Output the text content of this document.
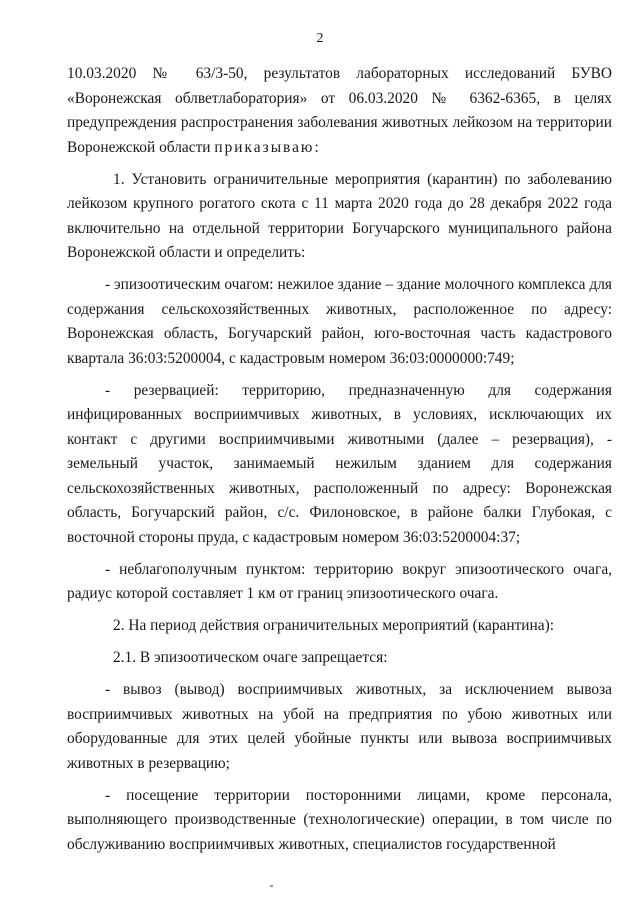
2

10.03.2020 № 63/3-50, результатов лабораторных исследований БУВО «Воронежская облветлаборатория» от 06.03.2020 № 6362-6365, в целях предупреждения распространения заболевания животных лейкозом на территории Воронежской области приказываю:

1. Установить ограничительные мероприятия (карантин) по заболеванию лейкозом крупного рогатого скота с 11 марта 2020 года до 28 декабря 2022 года включительно на отдельной территории Богучарского муниципального района Воронежской области и определить:

- эпизоотическим очагом: нежилое здание – здание молочного комплекса для содержания сельскохозяйственных животных, расположенное по адресу: Воронежская область, Богучарский район, юго-восточная часть кадастрового квартала 36:03:5200004, с кадастровым номером 36:03:0000000:749;

- резервацией: территорию, предназначенную для содержания инфицированных восприимчивых животных, в условиях, исключающих их контакт с другими восприимчивыми животными (далее – резервация), - земельный участок, занимаемый нежилым зданием для содержания сельскохозяйственных животных, расположенный по адресу: Воронежская область, Богучарский район, с/с. Филоновское, в районе балки Глубокая, с восточной стороны пруда, с кадастровым номером 36:03:5200004:37;

- неблагополучным пунктом: территорию вокруг эпизоотического очага, радиус которой составляет 1 км от границ эпизоотического очага.

2. На период действия ограничительных мероприятий (карантина):

2.1. В эпизоотическом очаге запрещается:

- вывоз (вывод) восприимчивых животных, за исключением вывоза восприимчивых животных на убой на предприятия по убою животных или оборудованные для этих целей убойные пункты или вывоза восприимчивых животных в резервацию;

- посещение территории посторонними лицами, кроме персонала, выполняющего производственные (технологические) операции, в том числе по обслуживанию восприимчивых животных, специалистов государственной
